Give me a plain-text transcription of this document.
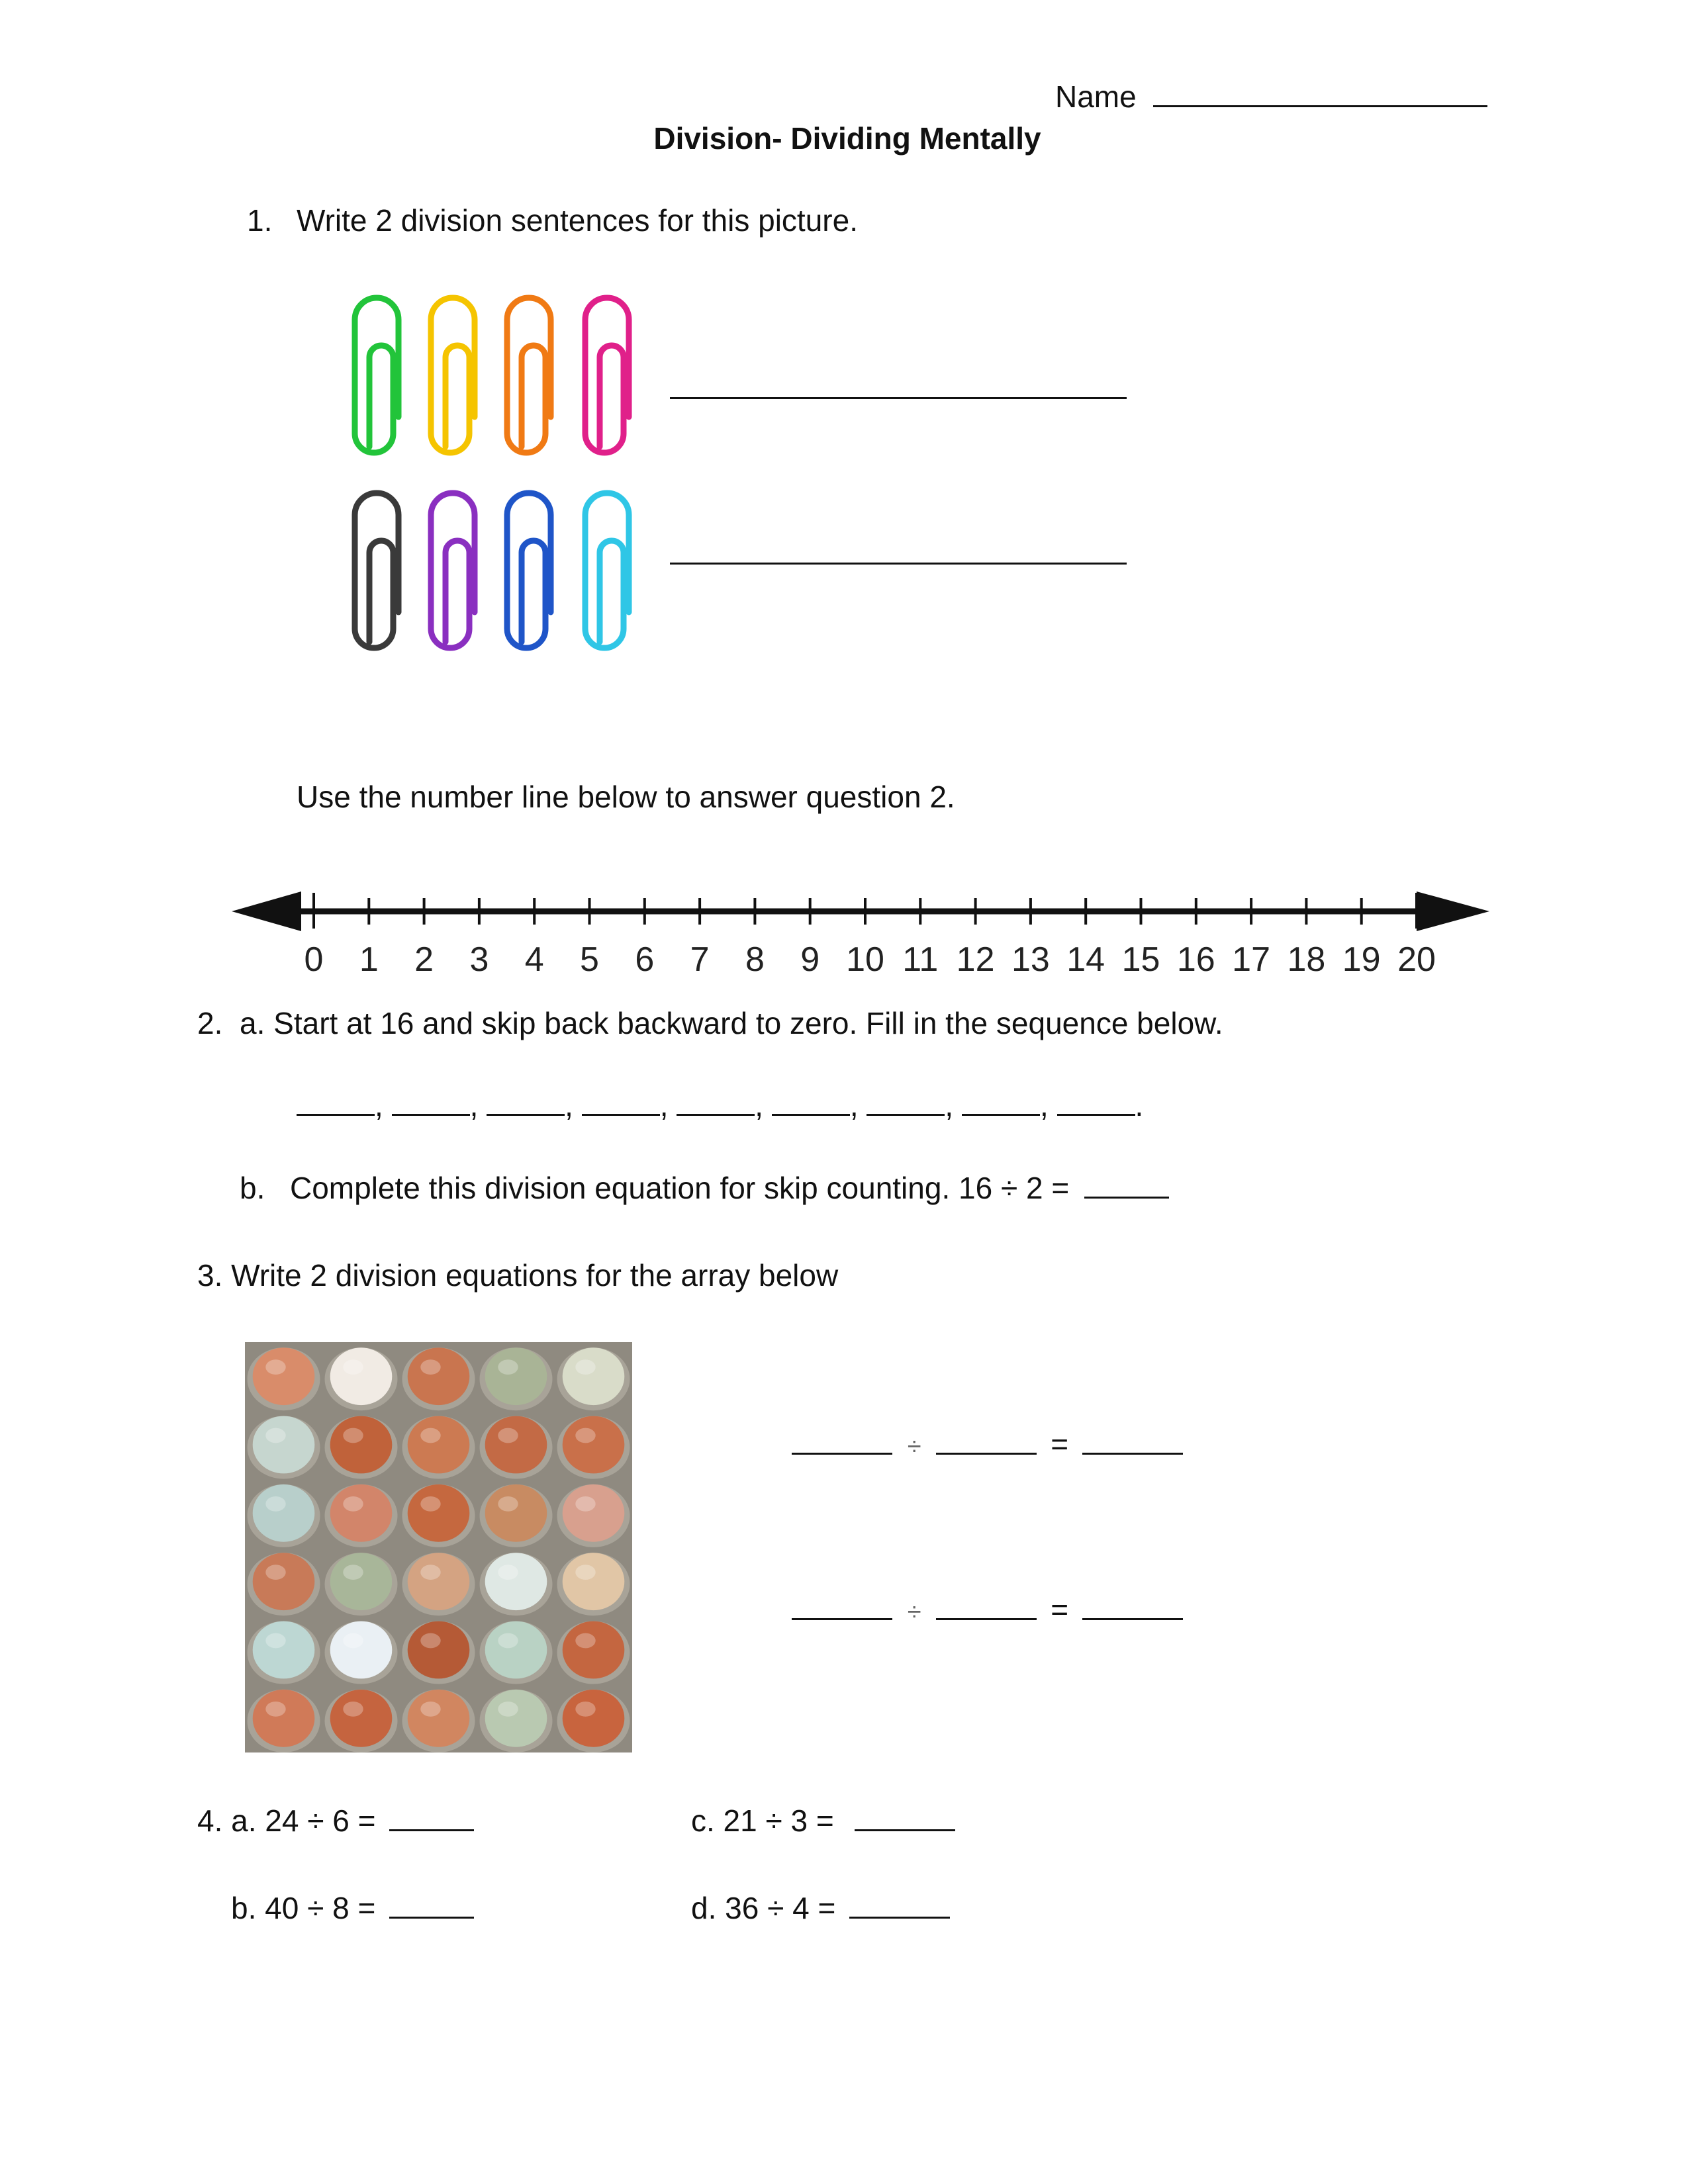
Name
Division- Dividing Mentally
1. Write 2 division sentences for this picture.
Use the number line below to answer question 2.
0 1 2 3 4 5 6 7 8 9 10 11 12 13 14 15 16 17 18 19 20
2. a. Start at 16 and skip back backward to zero. Fill in the sequence below.
,	,	,	,	,	,	,	,	.
b. Complete this division equation for skip counting. 16 ÷ 2 =
3. Write 2 division equations for the array below
÷	=
÷	=
4. a. 24 ÷ 6 =
b. 40 ÷ 8 =
c. 21 ÷ 3 =
d. 36 ÷ 4 =
